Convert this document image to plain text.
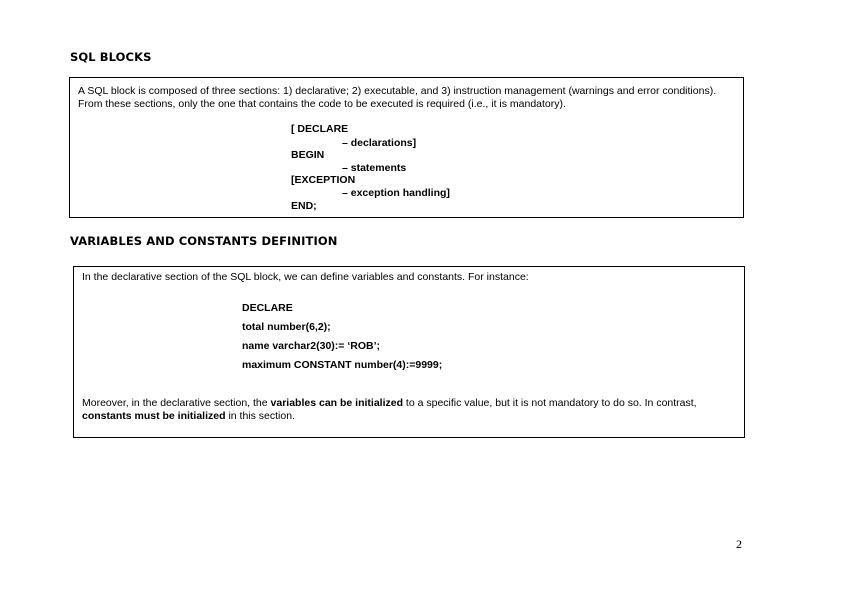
SQL BLOCKS
A SQL block is composed of three sections: 1) declarative; 2) executable, and 3) instruction management (warnings and error conditions). From these sections, only the one that contains the code to be executed is required (i.e., it is mandatory).
[ DECLARE
– declarations]
BEGIN
– statements
[EXCEPTION
– exception handling]
END;
VARIABLES AND CONSTANTS DEFINITION
In the declarative section of the SQL block, we can define variables and constants. For instance:
DECLARE
total number(6,2);
name varchar2(30):= ‘ROB’;
maximum CONSTANT number(4):=9999;
Moreover, in the declarative section, the variables can be initialized to a specific value, but it is not mandatory to do so. In contrast, constants must be initialized in this section.
2
